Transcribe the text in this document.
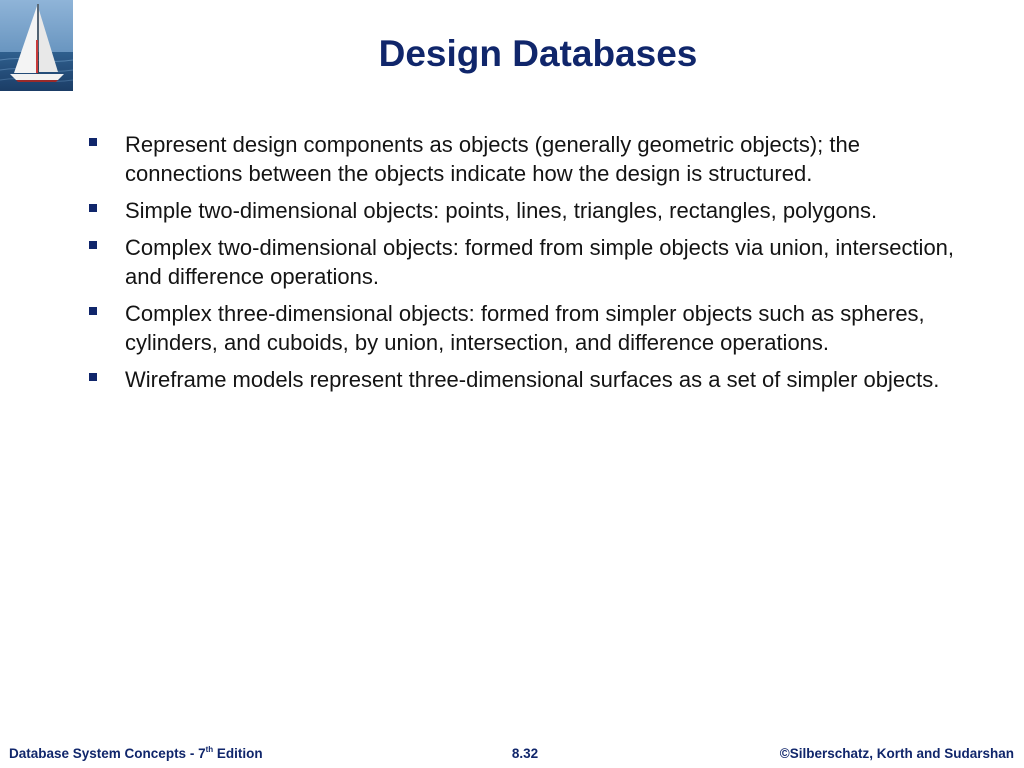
Design Databases
Represent design components as objects (generally geometric objects); the connections between the objects indicate how the design is structured.
Simple two-dimensional objects: points, lines, triangles, rectangles, polygons.
Complex two-dimensional objects: formed from simple objects via union, intersection, and difference operations.
Complex three-dimensional objects: formed from simpler objects such as spheres, cylinders, and cuboids, by union, intersection, and difference operations.
Wireframe models represent three-dimensional surfaces as a set of simpler objects.
Database System Concepts - 7th Edition	8.32	©Silberschatz, Korth and Sudarshan
